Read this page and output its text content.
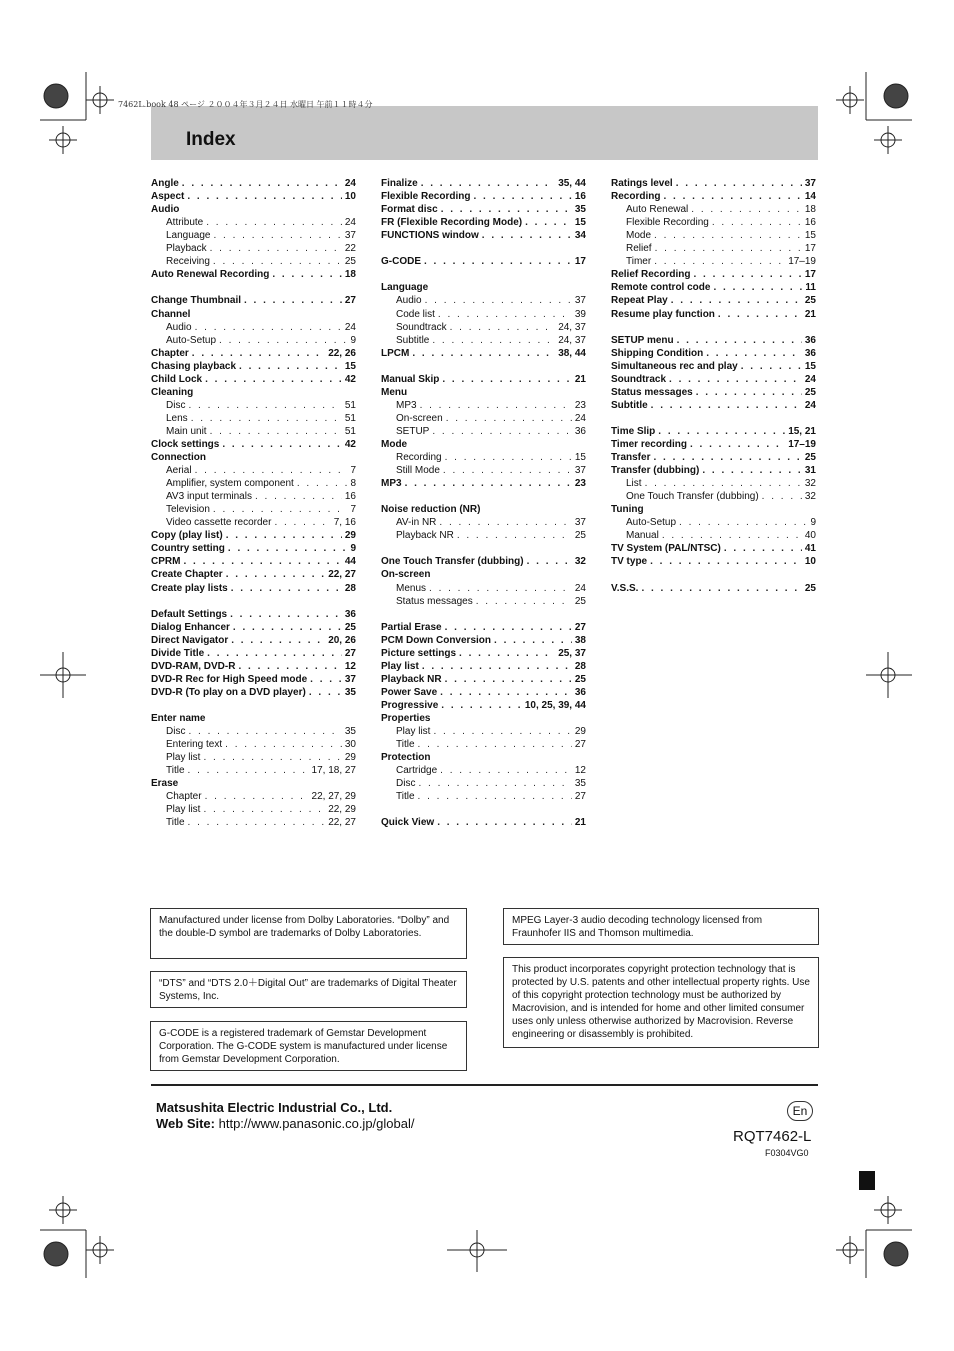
7462L.book 48 ページ ２００４年３月２４日 水曜日 午前１１時４分
Index
Angle . . .	24
Aspect . . .	10
Audio
Attribute . . .	24
Language . . .	37
Playback . . .	22
Receiving . . .	25
Auto Renewal Recording . . .	18
Change Thumbnail . . .	27
Channel
Audio . . .	24
Auto-Setup . . .	9
Chapter . . .	22, 26
Chasing playback . . .	15
Child Lock . . .	42
Cleaning
Disc . . .	51
Lens . . .	51
Main unit . . .	51
Clock settings . . .	42
Connection
Aerial . . .	7
Amplifier, system component . . .	8
AV3 input terminals . . .	16
Television . . .	7
Video cassette recorder . . .	7, 16
Copy (play list) . . .	29
Country setting . . .	9
CPRM . . .	44
Create Chapter . . .	22, 27
Create play lists . . .	28
Default Settings . . .	36
Dialog Enhancer . . .	25
Direct Navigator . . .	20, 26
Divide Title . . .	27
DVD-RAM, DVD-R . . .	12
DVD-R Rec for High Speed mode . . .	37
DVD-R (To play on a DVD player) . . .	35
Enter name
Disc . . .	35
Entering text . . .	30
Play list . . .	29
Title . . .	17, 18, 27
Erase
Chapter . . .	22, 27, 29
Play list . . .	22, 29
Title . . .	22, 27
Finalize . . .	35, 44
Flexible Recording . . .	16
Format disc . . .	35
FR (Flexible Recording Mode) . . .	15
FUNCTIONS window . . .	34
G-CODE . . .	17
Language
Audio . . .	37
Code list . . .	39
Soundtrack . . .	24, 37
Subtitle . . .	24, 37
LPCM . . .	38, 44
Manual Skip . . .	21
Menu
MP3 . . .	23
On-screen . . .	24
SETUP . . .	36
Mode
Recording . . .	15
Still Mode . . .	37
MP3 . . .	23
Noise reduction (NR)
AV-in NR . . .	37
Playback NR . . .	25
One Touch Transfer (dubbing) . . .	32
On-screen
Menus . . .	24
Status messages . . .	25
Partial Erase . . .	27
PCM Down Conversion . . .	38
Picture settings . . .	25, 37
Play list . . .	28
Playback NR . . .	25
Power Save . . .	36
Progressive . . .	10, 25, 39, 44
Properties
Play list . . .	29
Title . . .	27
Protection
Cartridge . . .	12
Disc . . .	35
Title . . .	27
Quick View . . .	21
Ratings level . . .	37
Recording . . .	14
Auto Renewal . . .	18
Flexible Recording . . .	16
Mode . . .	15
Relief . . .	17
Timer . . .	17–19
Relief Recording . . .	17
Remote control code . . .	11
Repeat Play . . .	25
Resume play function . . .	21
SETUP menu . . .	36
Shipping Condition . . .	36
Simultaneous rec and play . . .	15
Soundtrack . . .	24
Status messages . . .	25
Subtitle . . .	24
Time Slip . . .	15, 21
Timer recording . . .	17–19
Transfer . . .	25
Transfer (dubbing) . . .	31
List . . .	32
One Touch Transfer (dubbing) . . .	32
Tuning
Auto-Setup . . .	9
Manual . . .	40
TV System (PAL/NTSC) . . .	41
TV type . . .	10
V.S.S. . . .	25
Manufactured under license from Dolby Laboratories. “Dolby” and the double-D symbol are trademarks of Dolby Laboratories.
“DTS” and “DTS 2.0＋Digital Out” are trademarks of Digital Theater Systems, Inc.
G-CODE is a registered trademark of Gemstar Development Corporation. The G-CODE system is manufactured under license from Gemstar Development Corporation.
MPEG Layer-3 audio decoding technology licensed from Fraunhofer IIS and Thomson multimedia.
This product incorporates copyright protection technology that is protected by U.S. patents and other intellectual property rights. Use of this copyright protection technology must be authorized by Macrovision, and is intended for home and other limited consumer uses only unless otherwise authorized by Macrovision. Reverse engineering or disassembly is prohibited.
Matsushita Electric Industrial Co., Ltd.
Web Site: http://www.panasonic.co.jp/global/
En
RQT7462-L
F0304VG0
